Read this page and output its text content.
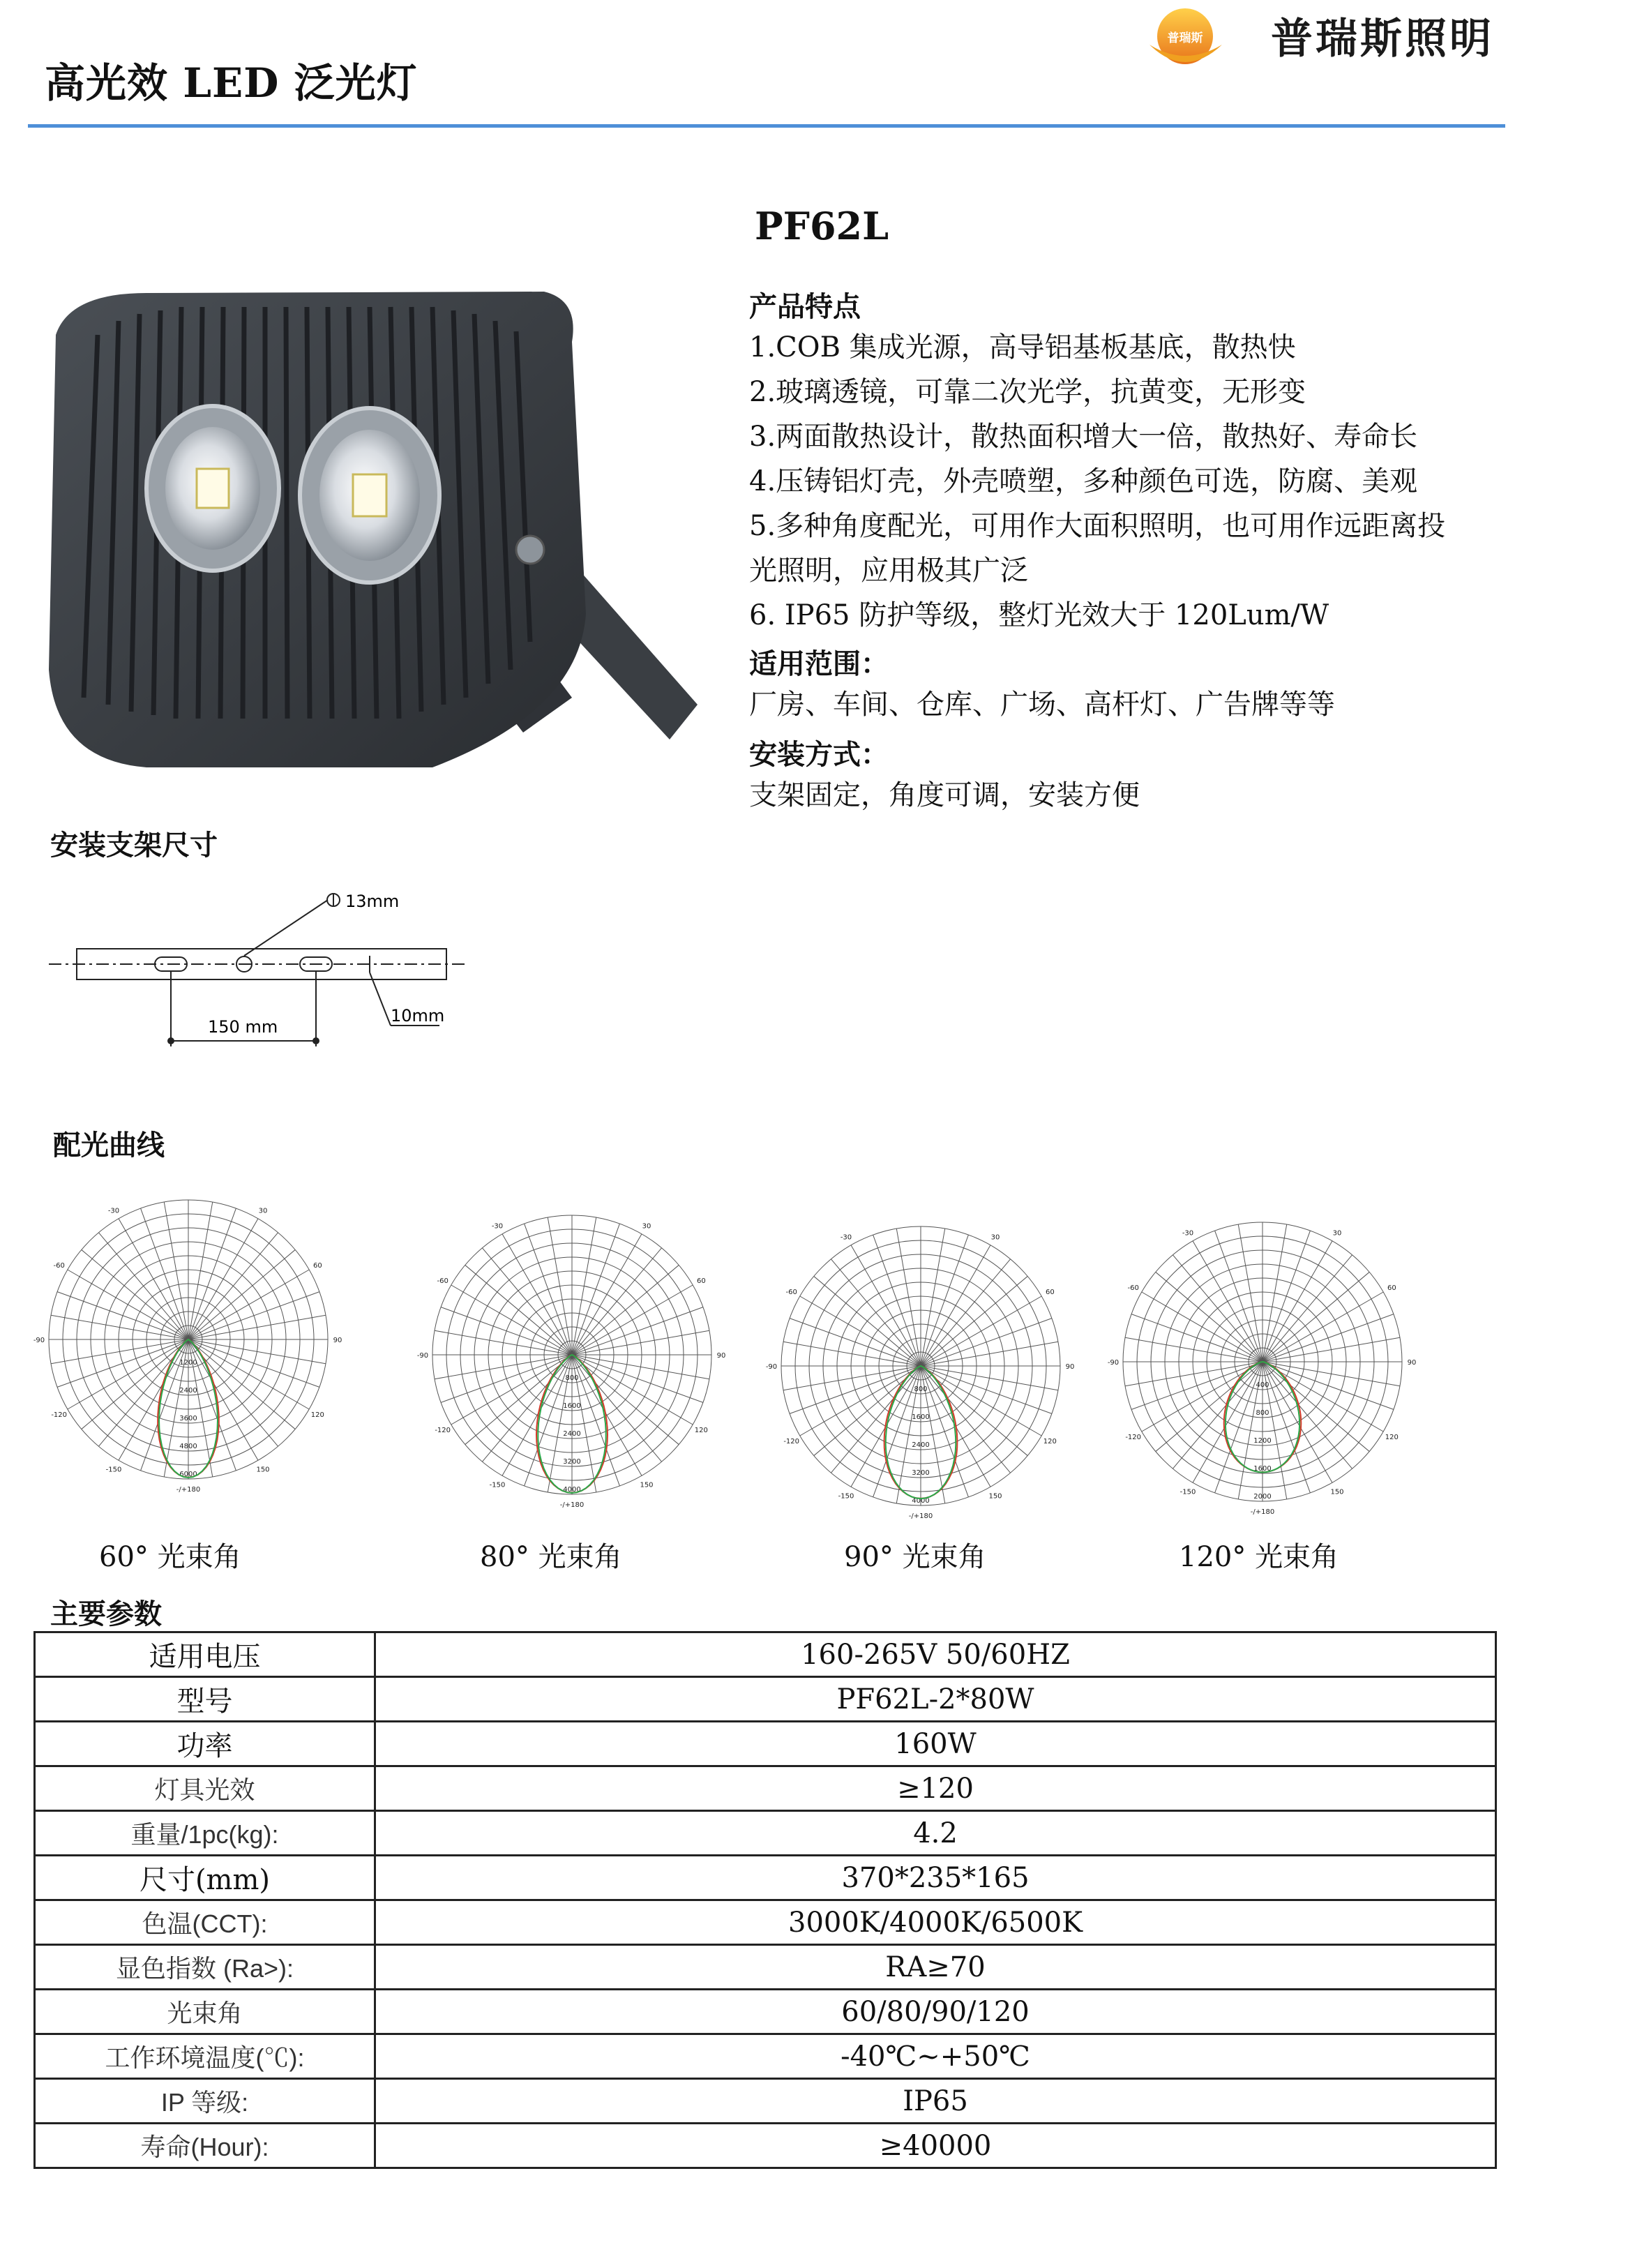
高光效 LED 泛光灯
普瑞斯 普瑞斯照明
PF62L
产品特点
1.COB 集成光源，高导铝基板基底，散热快
2.玻璃透镜，可靠二次光学，抗黄变，无形变
3.两面散热设计，散热面积增大一倍，散热好、寿命长
4.压铸铝灯壳，外壳喷塑，多种颜色可选，防腐、美观
5.多种角度配光，可用作大面积照明，也可用作远距离投
光照明，应用极其广泛
6. IP65 防护等级，整灯光效大于 120Lum/W
适用范围：
厂房、车间、仓库、广场、高杆灯、广告牌等等
安装方式：
支架固定，角度可调，安装方便
安装支架尺寸
13mm
150 mm
10mm
配光曲线
-/+180
150
-150
120
-120
90
-90
60
-60
30
-30
1200
2400
3600
4800
6000
-/+180
150
-150
120
-120
90
-90
60
-60
30
-30
800
1600
2400
3200
4000
-/+180
150
-150
120
-120
90
-90
60
-60
30
-30
800
1600
2400
3200
4000
-/+180
150
-150
120
-120
90
-90
60
-60
30
-30
400
800
1200
1600
2000
60° 光束角	80° 光束角	90° 光束角	120° 光束角
主要参数
适用电压	160-265V 50/60HZ
型号	PF62L-2*80W
功率	160W
灯具光效	≥120
重量/1pc(kg):	4.2
尺寸(mm)	370*235*165
色温(CCT):	3000K/4000K/6500K
显色指数 (Ra>):	RA≥70
光束角	60/80/90/120
工作环境温度(℃):	-40℃~+50℃
IP 等级:	IP65
寿命(Hour):	≥40000
